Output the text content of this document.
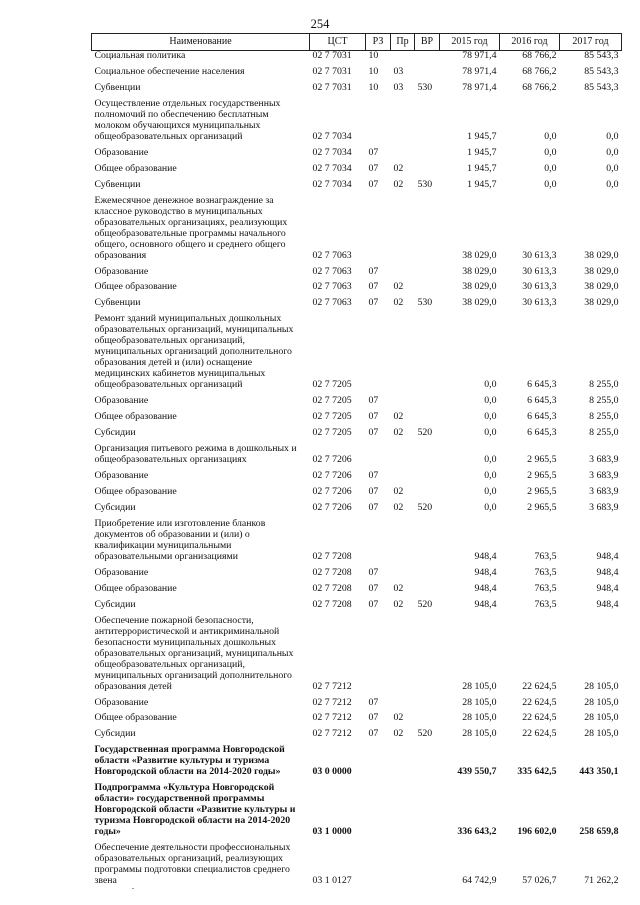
254
Наименование	ЦСТ	РЗ	Пр	ВР	2015 год	2016 год	2017 год
Социальная политика	02 7 7031	10			78 971,4	68 766,2	85 543,3
Социальное обеспечение населения	02 7 7031	10	03		78 971,4	68 766,2	85 543,3
Субвенции	02 7 7031	10	03	530	78 971,4	68 766,2	85 543,3
Осуществление отдельных государственных полномочий по обеспечению бесплатным молоком обучающихся муниципальных общеобразовательных организаций	02 7 7034				1 945,7	0,0	0,0
Образование	02 7 7034	07			1 945,7	0,0	0,0
Общее образование	02 7 7034	07	02		1 945,7	0,0	0,0
Субвенции	02 7 7034	07	02	530	1 945,7	0,0	0,0
Ежемесячное денежное вознаграждение за классное руководство в муниципальных образовательных организациях, реализующих общеобразовательные программы начального общего, основного общего и среднего общего образования	02 7 7063				38 029,0	30 613,3	38 029,0
Образование	02 7 7063	07			38 029,0	30 613,3	38 029,0
Общее образование	02 7 7063	07	02		38 029,0	30 613,3	38 029,0
Субвенции	02 7 7063	07	02	530	38 029,0	30 613,3	38 029,0
Ремонт зданий муниципальных дошкольных образовательных организаций, муниципальных общеобразовательных организаций, муниципальных организаций дополнительного образования детей и (или) оснащение медицинских кабинетов муниципальных общеобразовательных организаций	02 7 7205				0,0	6 645,3	8 255,0
Образование	02 7 7205	07			0,0	6 645,3	8 255,0
Общее образование	02 7 7205	07	02		0,0	6 645,3	8 255,0
Субсидии	02 7 7205	07	02	520	0,0	6 645,3	8 255,0
Организация питьевого режима в дошкольных и общеобразовательных организациях	02 7 7206				0,0	2 965,5	3 683,9
Образование	02 7 7206	07			0,0	2 965,5	3 683,9
Общее образование	02 7 7206	07	02		0,0	2 965,5	3 683,9
Субсидии	02 7 7206	07	02	520	0,0	2 965,5	3 683,9
Приобретение или изготовление бланков документов об образовании и (или) о квалификации муниципальными образовательными организациями	02 7 7208				948,4	763,5	948,4
Образование	02 7 7208	07			948,4	763,5	948,4
Общее образование	02 7 7208	07	02		948,4	763,5	948,4
Субсидии	02 7 7208	07	02	520	948,4	763,5	948,4
Обеспечение пожарной безопасности, антитеррористической и антикриминальной безопасности муниципальных дошкольных образовательных организаций, муниципальных общеобразовательных организаций, муниципальных организаций дополнительного образования детей	02 7 7212				28 105,0	22 624,5	28 105,0
Образование	02 7 7212	07			28 105,0	22 624,5	28 105,0
Общее образование	02 7 7212	07	02		28 105,0	22 624,5	28 105,0
Субсидии	02 7 7212	07	02	520	28 105,0	22 624,5	28 105,0
Государственная программа Новгородской области «Развитие культуры и туризма Новгородской области на 2014-2020 годы»	03 0 0000				439 550,7	335 642,5	443 350,1
Подпрограмма «Культура Новгородской области» государственной программы Новгородской области «Развитие культуры и туризма Новгородской области на 2014-2020 годы»	03 1 0000				336 643,2	196 602,0	258 659,8
Обеспечение деятельности профессиональных образовательных организаций, реализующих программы подготовки специалистов среднего звена	03 1 0127				64 742,9	57 026,7	71 262,2
